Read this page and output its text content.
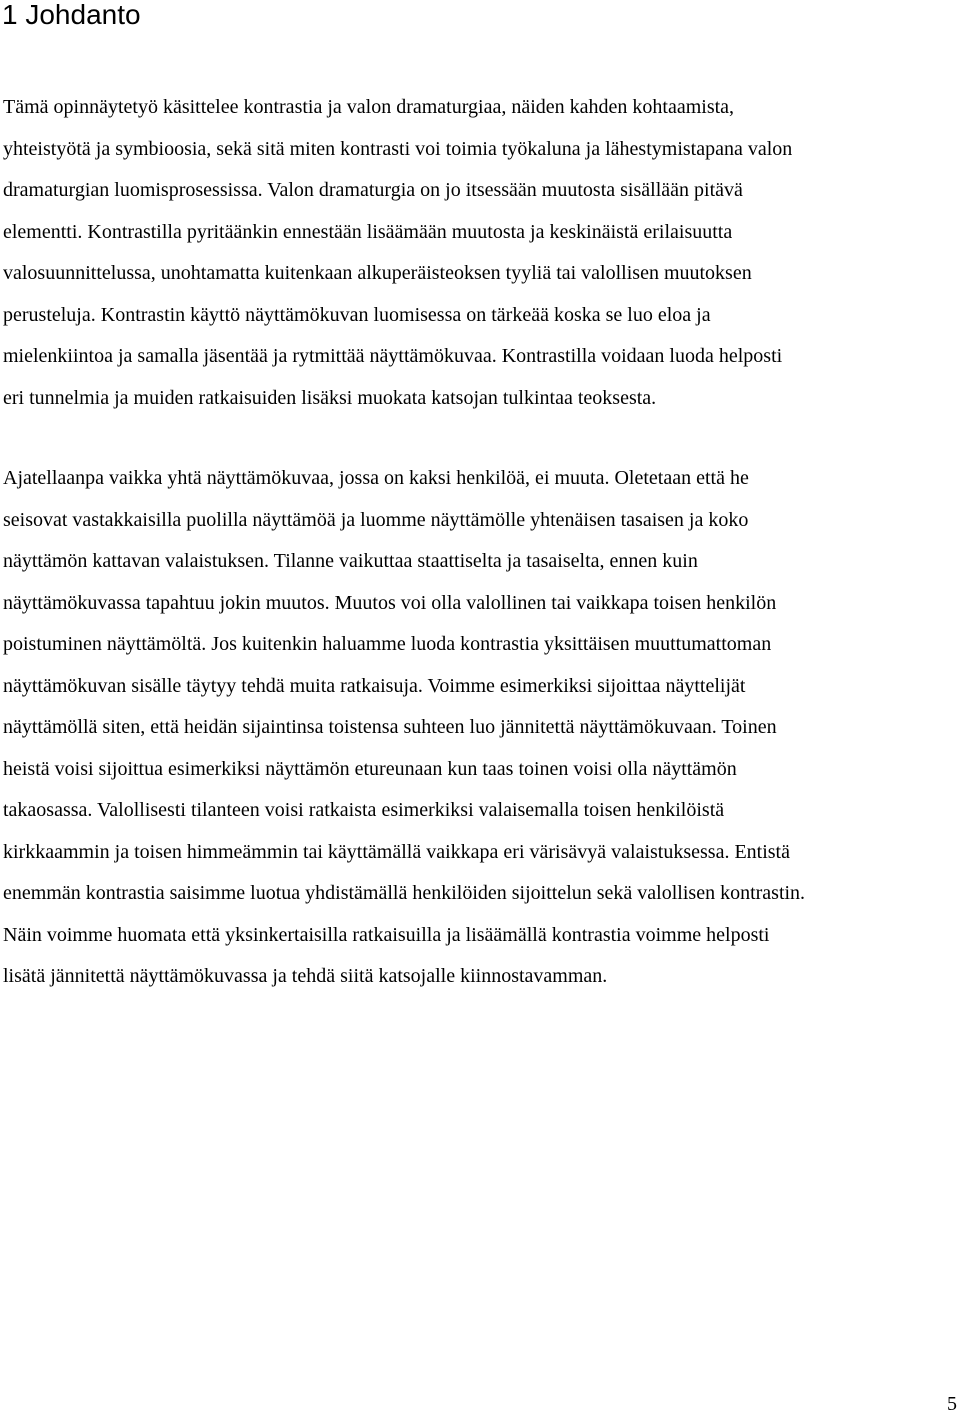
1 Johdanto

Tämä opinnäytetyö käsittelee kontrastia ja valon dramaturgiaa, näiden kahden kohtaamista,
yhteistyötä ja symbioosia, sekä sitä miten kontrasti voi toimia työkaluna ja lähestymistapana valon
dramaturgian luomisprosessissa. Valon dramaturgia on jo itsessään muutosta sisällään pitävä
elementti. Kontrastilla pyritäänkin ennestään lisäämään muutosta ja keskinäistä erilaisuutta
valosuunnittelussa, unohtamatta kuitenkaan alkuperäisteoksen tyyliä tai valollisen muutoksen
perusteluja. Kontrastin käyttö näyttämökuvan luomisessa on tärkeää koska se luo eloa ja
mielenkiintoa ja samalla jäsentää ja rytmittää näyttämökuvaa. Kontrastilla voidaan luoda helposti
eri tunnelmia ja muiden ratkaisuiden lisäksi muokata katsojan tulkintaa teoksesta.

Ajatellaanpa vaikka yhtä näyttämökuvaa, jossa on kaksi henkilöä, ei muuta. Oletetaan että he
seisovat vastakkaisilla puolilla näyttämöä ja luomme näyttämölle yhtenäisen tasaisen ja koko
näyttämön kattavan valaistuksen. Tilanne vaikuttaa staattiselta ja tasaiselta, ennen kuin
näyttämökuvassa tapahtuu jokin muutos. Muutos voi olla valollinen tai vaikkapa toisen henkilön
poistuminen näyttämöltä. Jos kuitenkin haluamme luoda kontrastia yksittäisen muuttumattoman
näyttämökuvan sisälle täytyy tehdä muita ratkaisuja. Voimme esimerkiksi sijoittaa näyttelijät
näyttämöllä siten, että heidän sijaintinsa toistensa suhteen luo jännitettä näyttämökuvaan. Toinen
heistä voisi sijoittua esimerkiksi näyttämön etureunaan kun taas toinen voisi olla näyttämön
takaosassa. Valollisesti tilanteen voisi ratkaista esimerkiksi valaisemalla toisen henkilöistä
kirkkaammin ja toisen himmeämmin tai käyttämällä vaikkapa eri värisävyä valaistuksessa. Entistä
enemmän kontrastia saisimme luotua yhdistämällä henkilöiden sijoittelun sekä valollisen kontrastin.
Näin voimme huomata että yksinkertaisilla ratkaisuilla ja lisäämällä kontrastia voimme helposti
lisätä jännitettä näyttämökuvassa ja tehdä siitä katsojalle kiinnostavamman.

5
